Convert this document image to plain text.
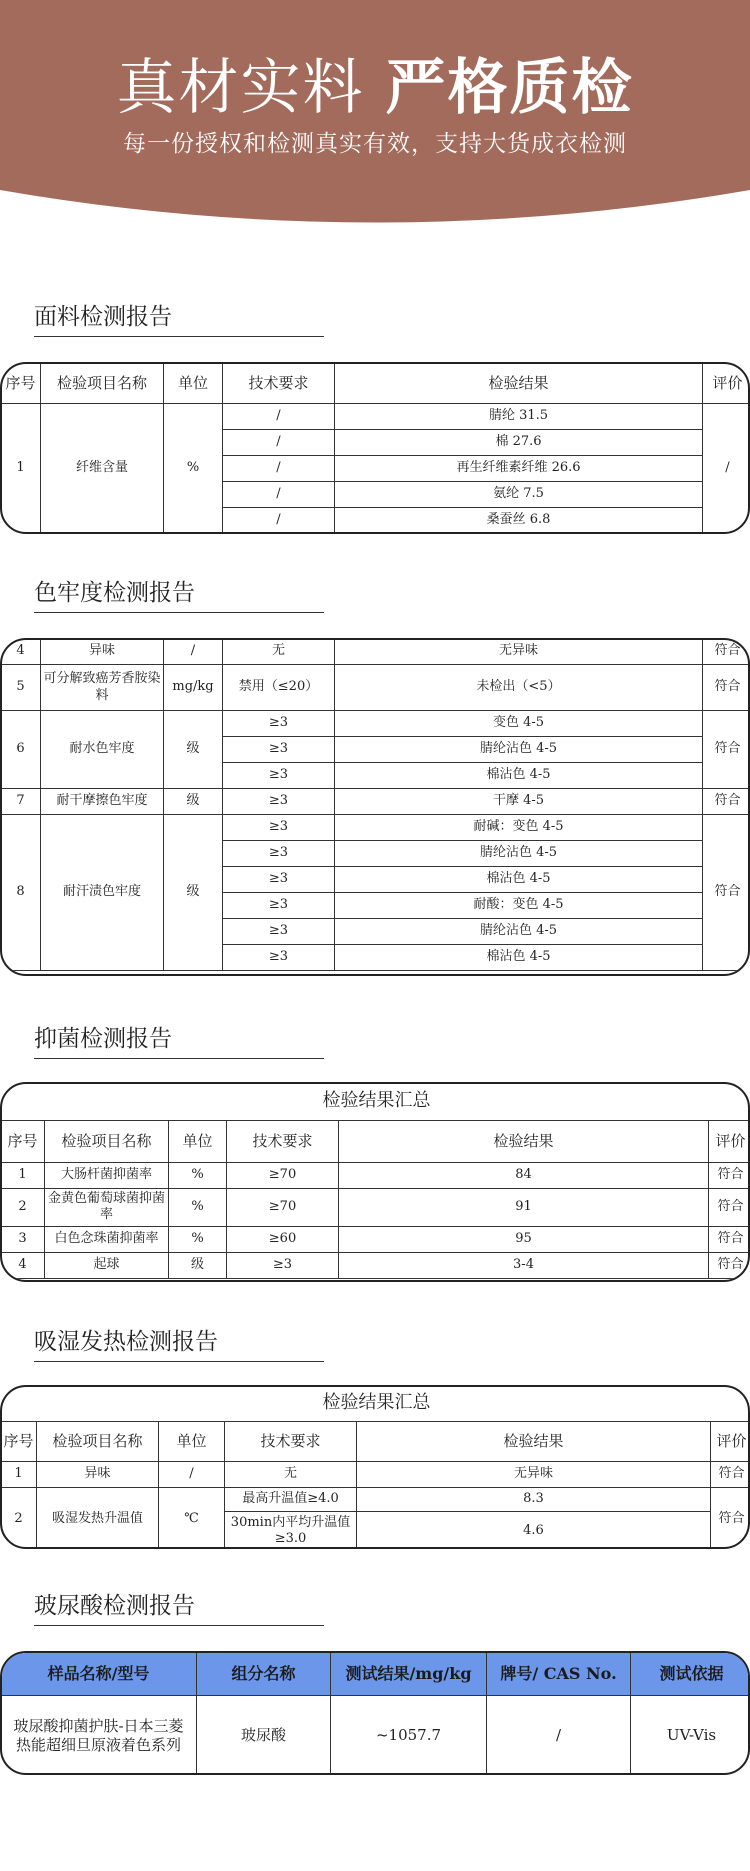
真材实料 严格质检
每一份授权和检测真实有效，支持大货成衣检测
面料检测报告
序号	检验项目名称	单位	技术要求	检验结果	评价
1	纤维含量	%	/	腈纶 31.5	/
			/	棉 27.6	
			/	再生纤维素纤维 26.6	
			/	氨纶 7.5	
			/	桑蚕丝 6.8	
色牢度检测报告
4	异味	/	无	无异味	符合
5	可分解致癌芳香胺染料	mg/kg	禁用（≤20）	未检出（<5）	符合
6	耐水色牢度	级	≥3	变色 4-5	符合
			≥3	腈纶沾色 4-5	
			≥3	棉沾色 4-5	
7	耐干摩擦色牢度	级	≥3	干摩 4-5	符合
8	耐汗渍色牢度	级	≥3	耐碱：变色 4-5	符合
			≥3	腈纶沾色 4-5	
			≥3	棉沾色 4-5	
			≥3	耐酸：变色 4-5	
			≥3	腈纶沾色 4-5	
			≥3	棉沾色 4-5	
抑菌检测报告
检验结果汇总					
序号	检验项目名称	单位	技术要求	检验结果	评价
1	大肠杆菌抑菌率	%	≥70	84	符合
2	金黄色葡萄球菌抑菌率	%	≥70	91	符合
3	白色念珠菌抑菌率	%	≥60	95	符合
4	起球	级	≥3	3-4	符合
吸湿发热检测报告
检验结果汇总					
序号	检验项目名称	单位	技术要求	检验结果	评价
1	异味	/	无	无异味	符合
2	吸湿发热升温值	℃	最高升温值≥4.0	8.3	符合
			30min内平均升温值≥3.0	4.6	
玻尿酸检测报告
样品名称/型号	组分名称	测试结果/mg/kg	牌号/ CAS No.	测试依据
玻尿酸抑菌护肤-日本三菱热能超细旦原液着色系列	玻尿酸	~1057.7	/	UV-Vis
